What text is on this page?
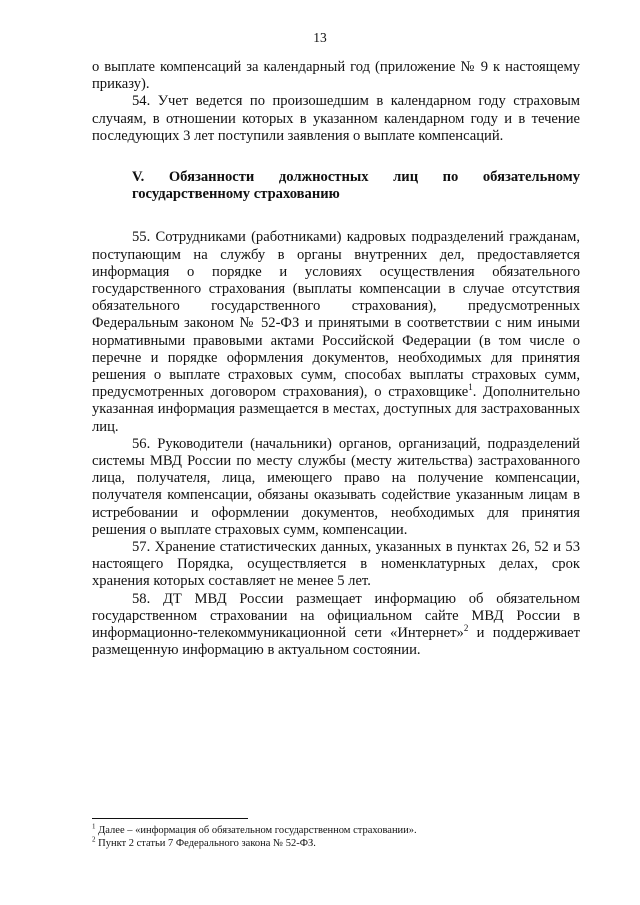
13

о выплате компенсаций за календарный год (приложение № 9 к настоящему приказу).

54. Учет ведется по произошедшим в календарном году страховым случаям, в отношении которых в указанном календарном году и в течение последующих 3 лет поступили заявления о выплате компенсаций.

V. Обязанности должностных лиц по обязательному государственному страхованию

55. Сотрудниками (работниками) кадровых подразделений гражданам, поступающим на службу в органы внутренних дел, предоставляется информация о порядке и условиях осуществления обязательного государственного страхования (выплаты компенсации в случае отсутствия обязательного государственного страхования), предусмотренных Федеральным законом № 52-ФЗ и принятыми в соответствии с ним иными нормативными правовыми актами Российской Федерации (в том числе о перечне и порядке оформления документов, необходимых для принятия решения о выплате страховых сумм, способах выплаты страховых сумм, предусмотренных договором страхования), о страховщике$^1$. Дополнительно указанная информация размещается в местах, доступных для застрахованных лиц.

56. Руководители (начальники) органов, организаций, подразделений системы МВД России по месту службы (месту жительства) застрахованного лица, получателя, лица, имеющего право на получение компенсации, получателя компенсации, обязаны оказывать содействие указанным лицам в истребовании и оформлении документов, необходимых для принятия решения о выплате страховых сумм, компенсации.

57. Хранение статистических данных, указанных в пунктах 26, 52 и 53 настоящего Порядка, осуществляется в номенклатурных делах, срок хранения которых составляет не менее 5 лет.

58. ДТ МВД России размещает информацию об обязательном государственном страховании на официальном сайте МВД России в информационно-телекоммуникационной сети «Интернет»$^2$ и поддерживает размещенную информацию в актуальном состоянии.

$^1$ Далее – «информация об обязательном государственном страховании».

$^2$ Пункт 2 статьи 7 Федерального закона № 52-ФЗ.
